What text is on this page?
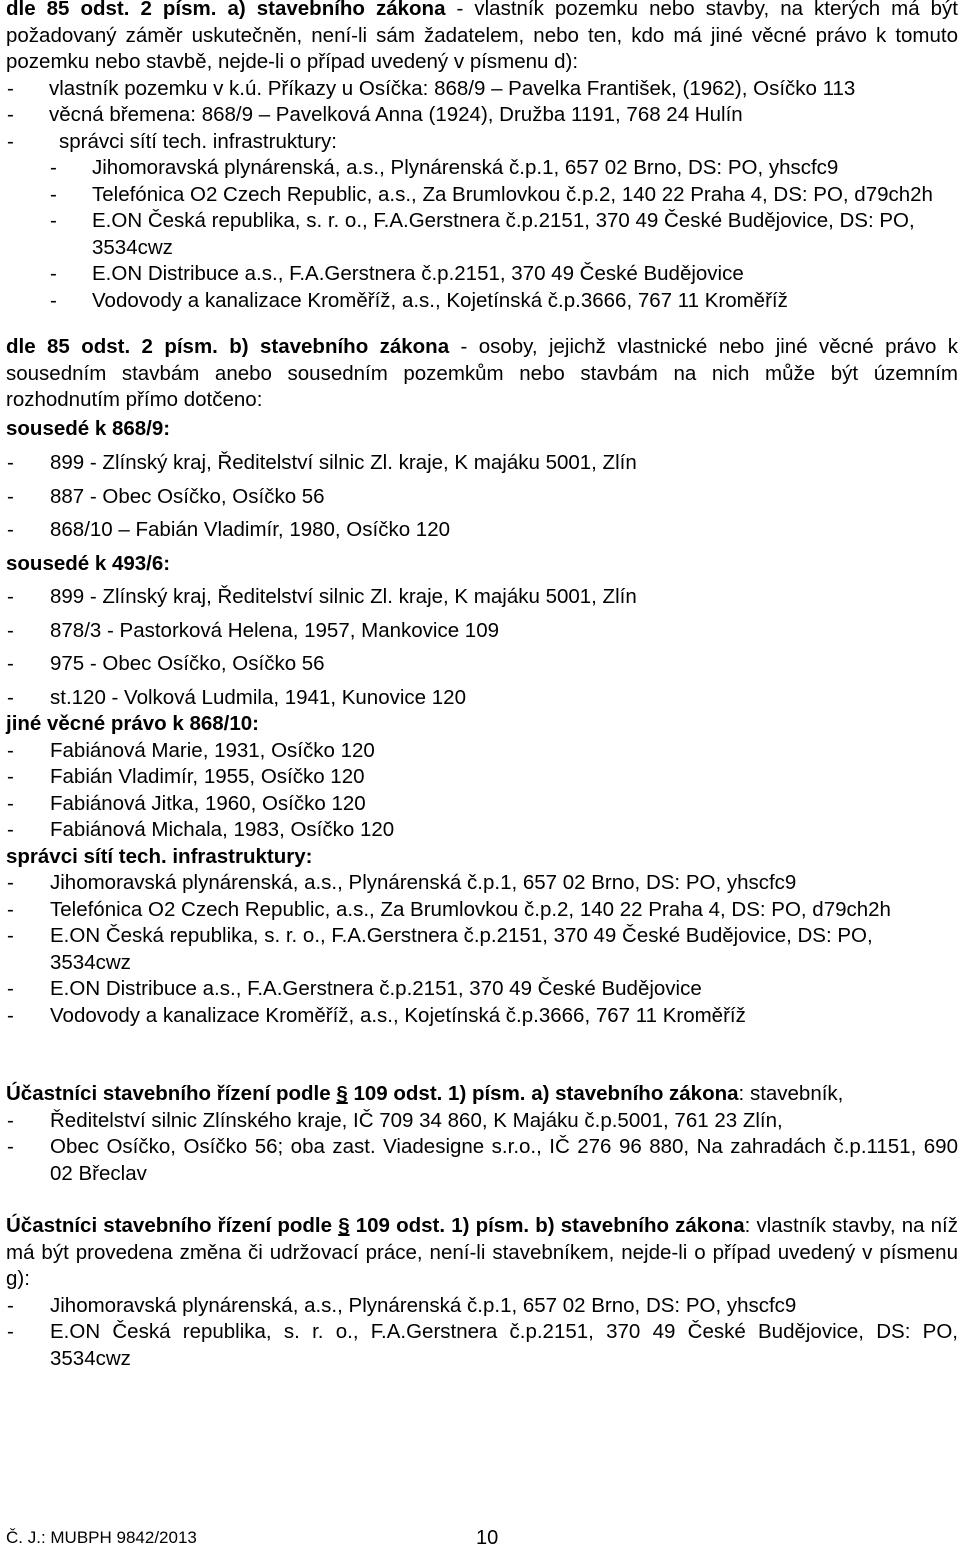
dle 85 odst. 2 písm. a) stavebního zákona - vlastník pozemku nebo stavby, na kterých má být požadovaný záměr uskutečněn, není-li sám žadatelem, nebo ten, kdo má jiné věcné právo k tomuto pozemku nebo stavbě, nejde-li o případ uvedený v písmenu d):

- vlastník pozemku v k.ú. Příkazy u Osíčka: 868/9 – Pavelka František, (1962), Osíčko 113
- věcná břemena: 868/9 – Pavelková Anna (1924), Družba 1191, 768 24 Hulín
- správci sítí tech. infrastruktury:
- Jihomoravská plynárenská, a.s., Plynárenská č.p.1, 657 02 Brno, DS: PO, yhscfc9
- Telefónica O2 Czech Republic, a.s., Za Brumlovkou č.p.2, 140 22 Praha 4, DS: PO, d79ch2h
- E.ON Česká republika, s. r. o., F.A.Gerstnera č.p.2151, 370 49 České Budějovice, DS: PO, 3534cwz
- E.ON Distribuce a.s., F.A.Gerstnera č.p.2151, 370 49 České Budějovice
- Vodovody a kanalizace Kroměříž, a.s., Kojetínská č.p.3666, 767 11 Kroměříž

dle 85 odst. 2 písm. b) stavebního zákona - osoby, jejichž vlastnické nebo jiné věcné právo k sousedním stavbám anebo sousedním pozemkům nebo stavbám na nich může být územním rozhodnutím přímo dotčeno:

sousedé k 868/9:

- 899 - Zlínský kraj, Ředitelství silnic Zl. kraje, K majáku 5001, Zlín
- 887 - Obec Osíčko, Osíčko 56
- 868/10 – Fabián Vladimír, 1980, Osíčko 120

sousedé k 493/6:

- 899 - Zlínský kraj, Ředitelství silnic Zl. kraje, K majáku 5001, Zlín
- 878/3 - Pastorková Helena, 1957, Mankovice 109
- 975 - Obec Osíčko, Osíčko 56
- st.120 - Volková Ludmila, 1941, Kunovice 120

jiné věcné právo k 868/10:

- Fabiánová Marie, 1931, Osíčko 120
- Fabián Vladimír, 1955, Osíčko 120
- Fabiánová Jitka, 1960, Osíčko 120
- Fabiánová Michala, 1983, Osíčko 120

správci sítí tech. infrastruktury:

- Jihomoravská plynárenská, a.s., Plynárenská č.p.1, 657 02 Brno, DS: PO, yhscfc9
- Telefónica O2 Czech Republic, a.s., Za Brumlovkou č.p.2, 140 22 Praha 4, DS: PO, d79ch2h
- E.ON Česká republika, s. r. o., F.A.Gerstnera č.p.2151, 370 49 České Budějovice, DS: PO, 3534cwz
- E.ON Distribuce a.s., F.A.Gerstnera č.p.2151, 370 49 České Budějovice
- Vodovody a kanalizace Kroměříž, a.s., Kojetínská č.p.3666, 767 11 Kroměříž

Účastníci stavebního řízení podle § 109 odst. 1) písm. a) stavebního zákona: stavebník,

- Ředitelství silnic Zlínského kraje, IČ 709 34 860, K Majáku č.p.5001, 761 23 Zlín,
- Obec Osíčko, Osíčko 56; oba zast. Viadesigne s.r.o., IČ 276 96 880, Na zahradách č.p.1151, 690 02 Břeclav

Účastníci stavebního řízení podle § 109 odst. 1) písm. b) stavebního zákona: vlastník stavby, na níž má být provedena změna či udržovací práce, není-li stavebníkem, nejde-li o případ uvedený v písmenu g):

- Jihomoravská plynárenská, a.s., Plynárenská č.p.1, 657 02 Brno, DS: PO, yhscfc9
- E.ON Česká republika, s. r. o., F.A.Gerstnera č.p.2151, 370 49 České Budějovice, DS: PO, 3534cwz
Č. J.: MUBPH 9842/2013	10
